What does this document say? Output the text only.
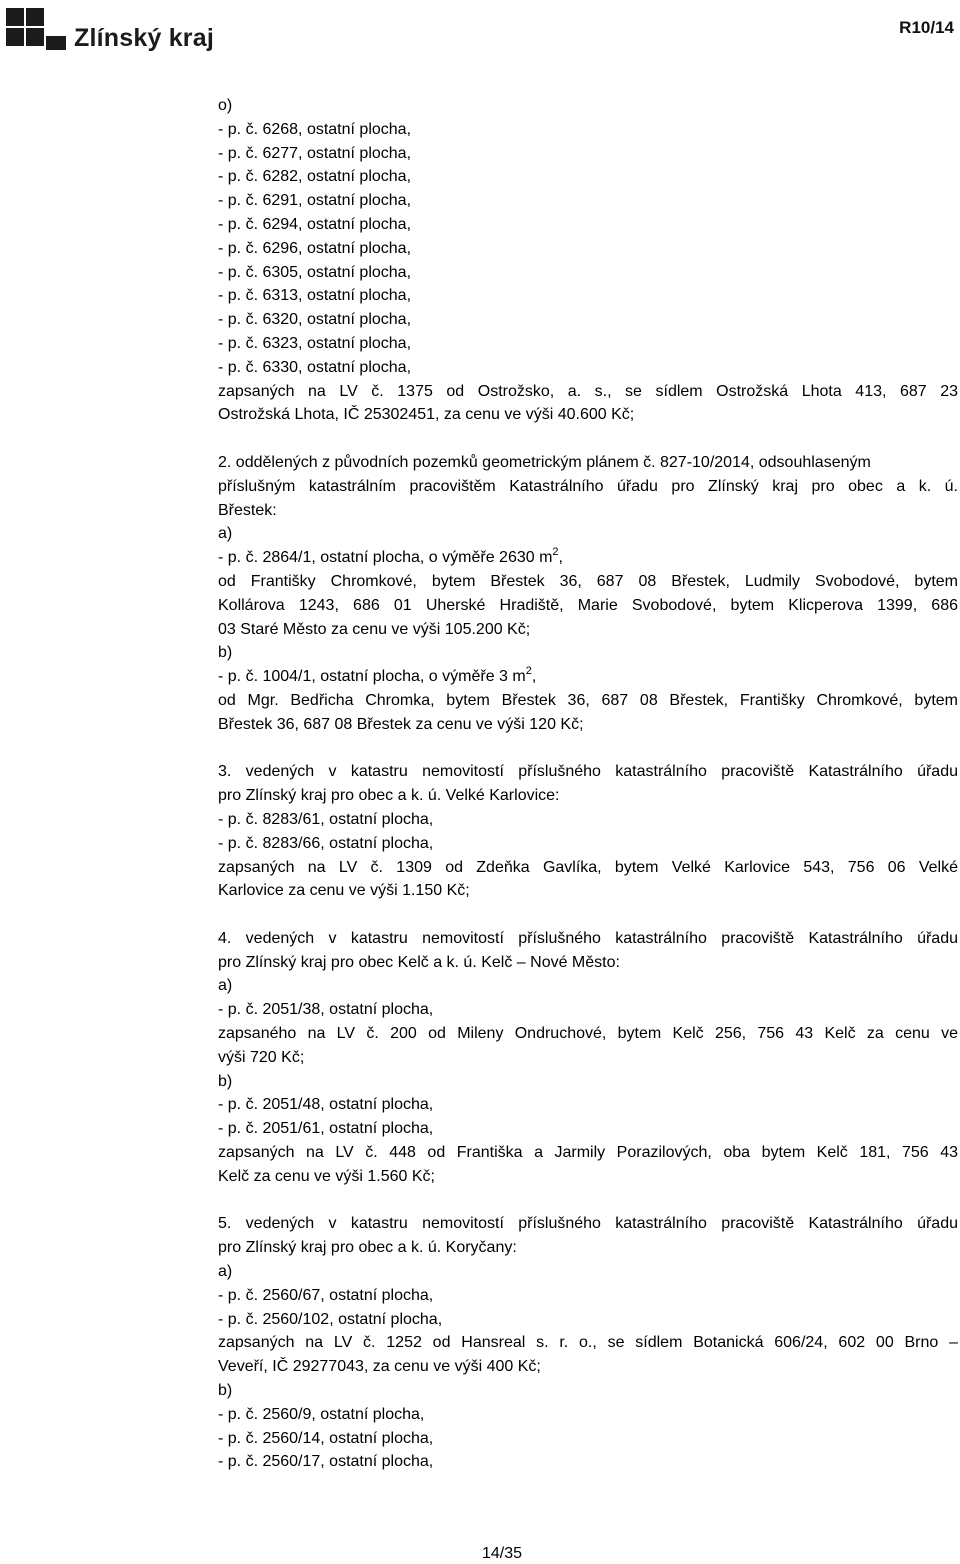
Zlínský kraj	R10/14
o)
- p. č. 6268, ostatní plocha,
- p. č. 6277, ostatní plocha,
- p. č. 6282, ostatní plocha,
- p. č. 6291, ostatní plocha,
- p. č. 6294, ostatní plocha,
- p. č. 6296, ostatní plocha,
- p. č. 6305, ostatní plocha,
- p. č. 6313, ostatní plocha,
- p. č. 6320, ostatní plocha,
- p. č. 6323, ostatní plocha,
- p. č. 6330, ostatní plocha,
zapsaných na LV č. 1375 od Ostrožsko, a. s., se sídlem Ostrožská Lhota 413, 687 23
Ostrožská Lhota, IČ 25302451, za cenu ve výši 40.600 Kč;
2. oddělených z původních pozemků geometrickým plánem č. 827-10/2014, odsouhlaseným
příslušným katastrálním pracovištěm Katastrálního úřadu pro Zlínský kraj pro obec a k. ú.
Břestek:
a)
- p. č. 2864/1, ostatní plocha, o výměře 2630 $m^2$,
od Františky Chromkové, bytem Břestek 36, 687 08 Břestek, Ludmily Svobodové, bytem
Kollárova 1243, 686 01 Uherské Hradiště, Marie Svobodové, bytem Klicperova 1399, 686
03 Staré Město za cenu ve výši 105.200 Kč;
b)
- p. č. 1004/1, ostatní plocha, o výměře 3 $m^2$,
od Mgr. Bedřicha Chromka, bytem Břestek 36, 687 08 Břestek, Františky Chromkové, bytem
Břestek 36, 687 08 Břestek za cenu ve výši 120 Kč;
3. vedených v katastru nemovitostí příslušného katastrálního pracoviště Katastrálního úřadu
pro Zlínský kraj pro obec a k. ú. Velké Karlovice:
- p. č. 8283/61, ostatní plocha,
- p. č. 8283/66, ostatní plocha,
zapsaných na LV č. 1309 od Zdeňka Gavlíka, bytem Velké Karlovice 543, 756 06 Velké
Karlovice za cenu ve výši 1.150 Kč;
4. vedených v katastru nemovitostí příslušného katastrálního pracoviště Katastrálního úřadu
pro Zlínský kraj pro obec Kelč a k. ú. Kelč – Nové Město:
a)
- p. č. 2051/38, ostatní plocha,
zapsaného na LV č. 200 od Mileny Ondruchové, bytem Kelč 256, 756 43 Kelč za cenu ve
výši 720 Kč;
b)
- p. č. 2051/48, ostatní plocha,
- p. č. 2051/61, ostatní plocha,
zapsaných na LV č. 448 od Františka a Jarmily Porazilových, oba bytem Kelč 181, 756 43
Kelč za cenu ve výši 1.560 Kč;
5. vedených v katastru nemovitostí příslušného katastrálního pracoviště Katastrálního úřadu
pro Zlínský kraj pro obec a k. ú. Koryčany:
a)
- p. č. 2560/67, ostatní plocha,
- p. č. 2560/102, ostatní plocha,
zapsaných na LV č. 1252 od Hansreal s. r. o., se sídlem Botanická 606/24, 602 00 Brno –
Veveří, IČ 29277043, za cenu ve výši 400 Kč;
b)
- p. č. 2560/9, ostatní plocha,
- p. č. 2560/14, ostatní plocha,
- p. č. 2560/17, ostatní plocha,
14/35
